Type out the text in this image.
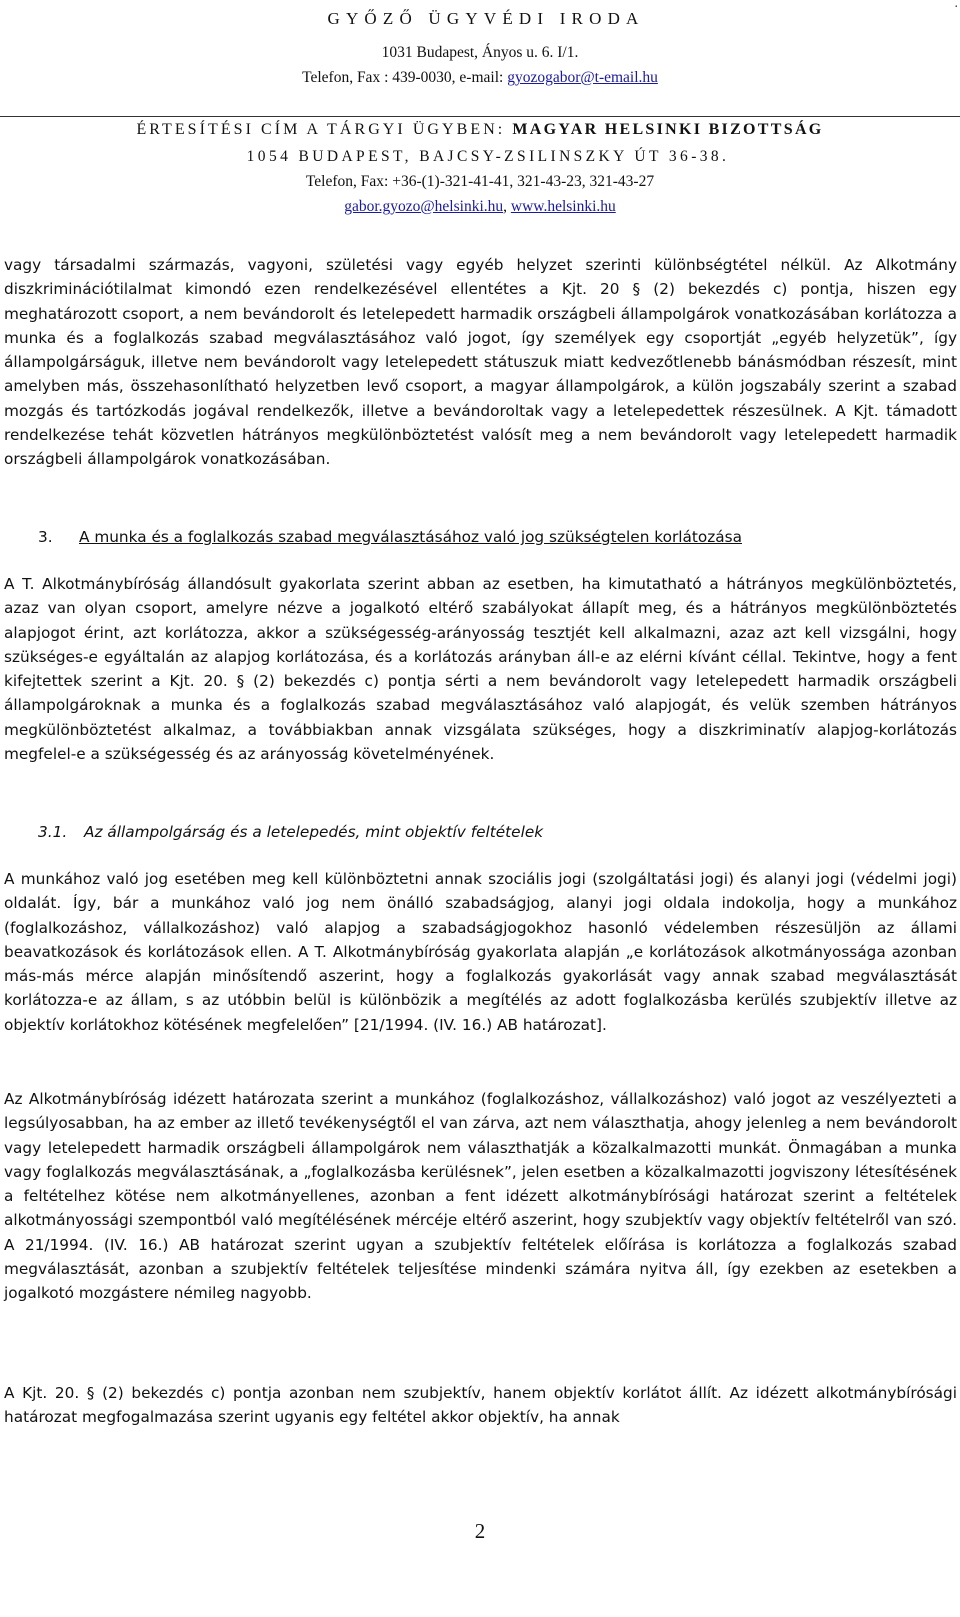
.
GYŐZŐ ÜGYVÉDI IRODA
1031 Budapest, Ányos u. 6. I/1.
Telefon, Fax : 439-0030, e-mail: gyozogabor@t-email.hu
ÉRTESÍTÉSI CÍM A TÁRGYI ÜGYBEN: MAGYAR HELSINKI BIZOTTSÁG
1054 BUDAPEST, BAJCSY-ZSILINSZKY ÚT 36-38.
Telefon, Fax: +36-(1)-321-41-41, 321-43-23, 321-43-27
gabor.gyozo@helsinki.hu, www.helsinki.hu

vagy társadalmi származás, vagyoni, születési vagy egyéb helyzet szerinti különbségtétel nélkül. Az Alkotmány diszkriminációtilalmat kimondó ezen rendelkezésével ellentétes a Kjt. 20 § (2) bekezdés c) pontja, hiszen egy meghatározott csoport, a nem bevándorolt és letelepedett harmadik országbeli állampolgárok vonatkozásában korlátozza a munka és a foglalkozás szabad megválasztásához való jogot, így személyek egy csoportját „egyéb helyzetük”, így állampolgárságuk, illetve nem bevándorolt vagy letelepedett státuszuk miatt kedvezőtlenebb bánásmódban részesít, mint amelyben más, összehasonlítható helyzetben levő csoport, a magyar állampolgárok, a külön jogszabály szerint a szabad mozgás és tartózkodás jogával rendelkezők, illetve a bevándoroltak vagy a letelepedettek részesülnek. A Kjt. támadott rendelkezése tehát közvetlen hátrányos megkülönböztetést valósít meg a nem bevándorolt vagy letelepedett harmadik országbeli állampolgárok vonatkozásában.

3. A munka és a foglalkozás szabad megválasztásához való jog szükségtelen korlátozása

A T. Alkotmánybíróság állandósult gyakorlata szerint abban az esetben, ha kimutatható a hátrányos megkülönböztetés, azaz van olyan csoport, amelyre nézve a jogalkotó eltérő szabályokat állapít meg, és a hátrányos megkülönböztetés alapjogot érint, azt korlátozza, akkor a szükségesség-arányosság tesztjét kell alkalmazni, azaz azt kell vizsgálni, hogy szükséges-e egyáltalán az alapjog korlátozása, és a korlátozás arányban áll-e az elérni kívánt céllal. Tekintve, hogy a fent kifejtettek szerint a Kjt. 20. § (2) bekezdés c) pontja sérti a nem bevándorolt vagy letelepedett harmadik országbeli állampolgároknak a munka és a foglalkozás szabad megválasztásához való alapjogát, és velük szemben hátrányos megkülönböztetést alkalmaz, a továbbiakban annak vizsgálata szükséges, hogy a diszkriminatív alapjog-korlátozás megfelel-e a szükségesség és az arányosság követelményének.

3.1. Az állampolgárság és a letelepedés, mint objektív feltételek

A munkához való jog esetében meg kell különböztetni annak szociális jogi (szolgáltatási jogi) és alanyi jogi (védelmi jogi) oldalát. Így, bár a munkához való jog nem önálló szabadságjog, alanyi jogi oldala indokolja, hogy a munkához (foglalkozáshoz, vállalkozáshoz) való alapjog a szabadságjogokhoz hasonló védelemben részesüljön az állami beavatkozások és korlátozások ellen. A T. Alkotmánybíróság gyakorlata alapján „e korlátozások alkotmányossága azonban más-más mérce alapján minősítendő aszerint, hogy a foglalkozás gyakorlását vagy annak szabad megválasztását korlátozza-e az állam, s az utóbbin belül is különbözik a megítélés az adott foglalkozásba kerülés szubjektív illetve az objektív korlátokhoz kötésének megfelelően” [21/1994. (IV. 16.) AB határozat].

Az Alkotmánybíróság idézett határozata szerint a munkához (foglalkozáshoz, vállalkozáshoz) való jogot az veszélyezteti a legsúlyosabban, ha az ember az illető tevékenységtől el van zárva, azt nem választhatja, ahogy jelenleg a nem bevándorolt vagy letelepedett harmadik országbeli állampolgárok nem választhatják a közalkalmazotti munkát. Önmagában a munka vagy foglalkozás megválasztásának, a „foglalkozásba kerülésnek”, jelen esetben a közalkalmazotti jogviszony létesítésének a feltételhez kötése nem alkotmányellenes, azonban a fent idézett alkotmánybírósági határozat szerint a feltételek alkotmányossági szempontból való megítélésének mércéje eltérő aszerint, hogy szubjektív vagy objektív feltételről van szó. A 21/1994. (IV. 16.) AB határozat szerint ugyan a szubjektív feltételek előírása is korlátozza a foglalkozás szabad megválasztását, azonban a szubjektív feltételek teljesítése mindenki számára nyitva áll, így ezekben az esetekben a jogalkotó mozgástere némileg nagyobb.

A Kjt. 20. § (2) bekezdés c) pontja azonban nem szubjektív, hanem objektív korlátot állít. Az idézett alkotmánybírósági határozat megfogalmazása szerint ugyanis egy feltétel akkor objektív, ha annak

2
